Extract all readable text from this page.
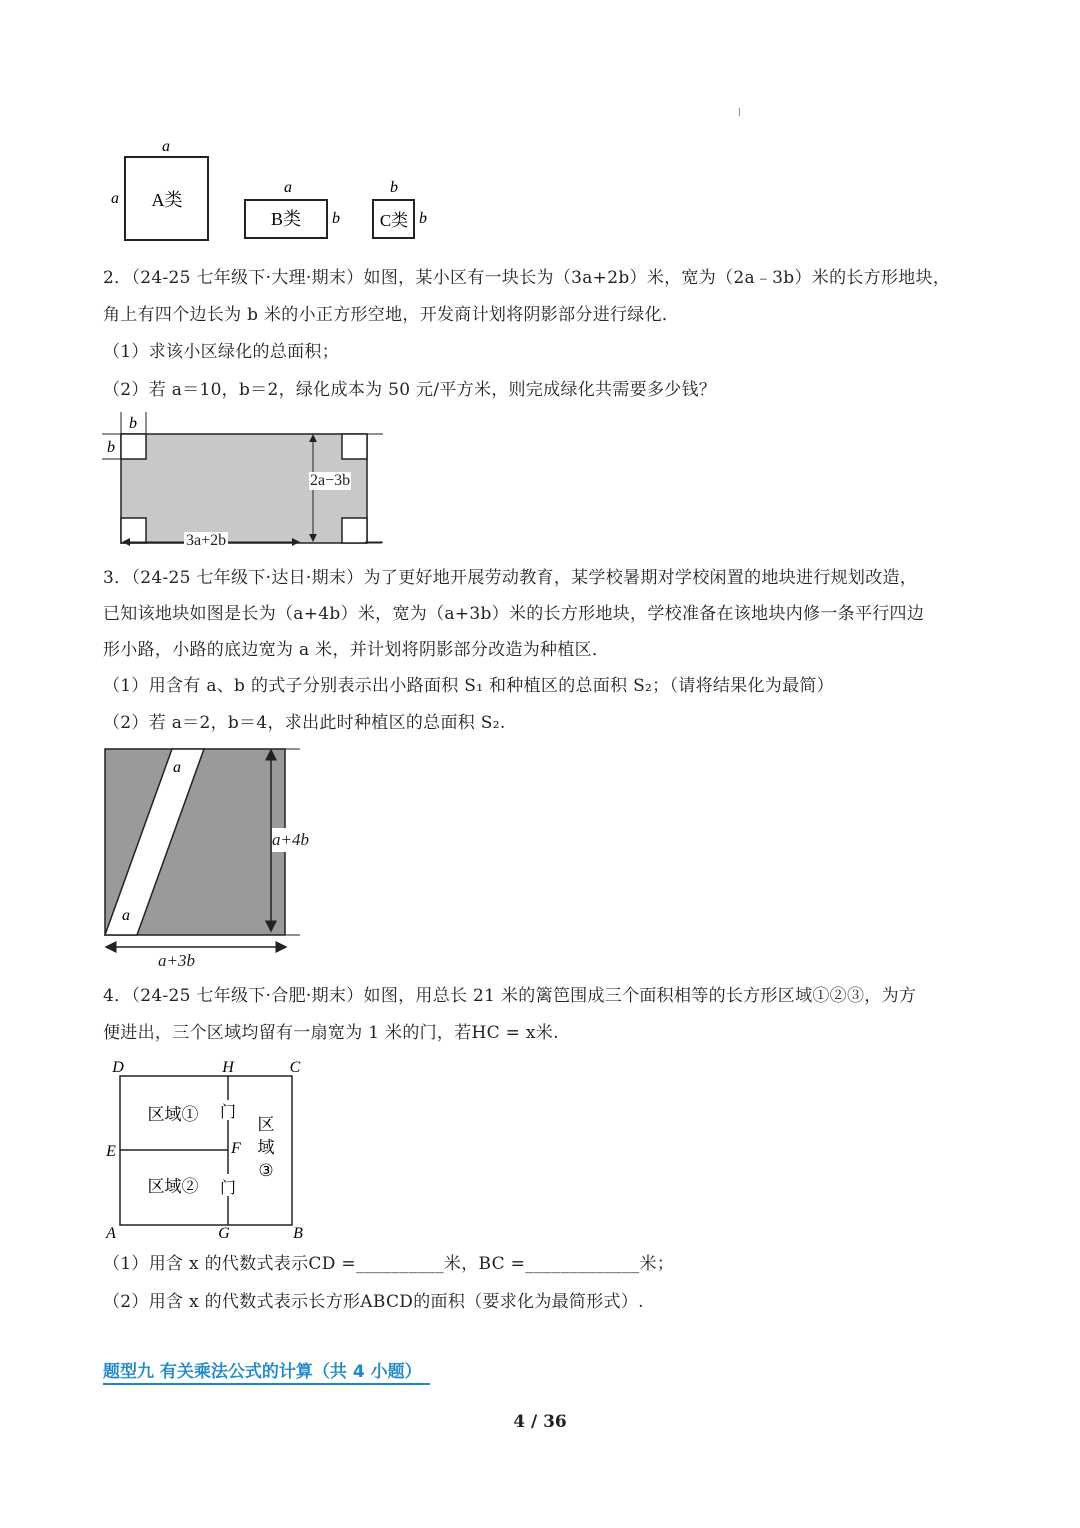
a
a A类
a
b
B类
b
b
C类
2．（24-25 七年级下·大理·期末）如图，某小区有一块长为（3a+2b）米，宽为（2a﹣3b）米的长方形地块，
角上有四个边长为 b 米的小正方形空地，开发商计划将阴影部分进行绿化．
（1）求该小区绿化的总面积；
（2）若 a＝10，b＝2，绿化成本为 50 元/平方米，则完成绿化共需要多少钱？
b
b
2a−3b
3a+2b
3．（24-25 七年级下·达日·期末）为了更好地开展劳动教育，某学校暑期对学校闲置的地块进行规划改造，
已知该地块如图是长为（a+4b）米，宽为（a+3b）米的长方形地块，学校准备在该地块内修一条平行四边
形小路，小路的底边宽为 a 米，并计划将阴影部分改造为种植区．
（1）用含有 a、b 的式子分别表示出小路面积 S₁ 和种植区的总面积 S₂；（请将结果化为最简）
（2）若 a＝2，b＝4，求出此时种植区的总面积 S₂.
a
a
a+4b
a+3b
4．（24-25 七年级下·合肥·期末）如图，用总长 21 米的篱笆围成三个面积相等的长方形区域①②③，为方
便进出，三个区域均留有一扇宽为 1 米的门，若HC = x米.
D	H	C
E	F
A	G	B
区域①
区域②
门
门
区
域
③
（1）用含 x 的代数式表示CD =__________米，BC =_____________米；
（2）用含 x 的代数式表示长方形ABCD的面积（要求化为最简形式）.
题型九 有关乘法公式的计算（共 4 小题）
4 / 36
